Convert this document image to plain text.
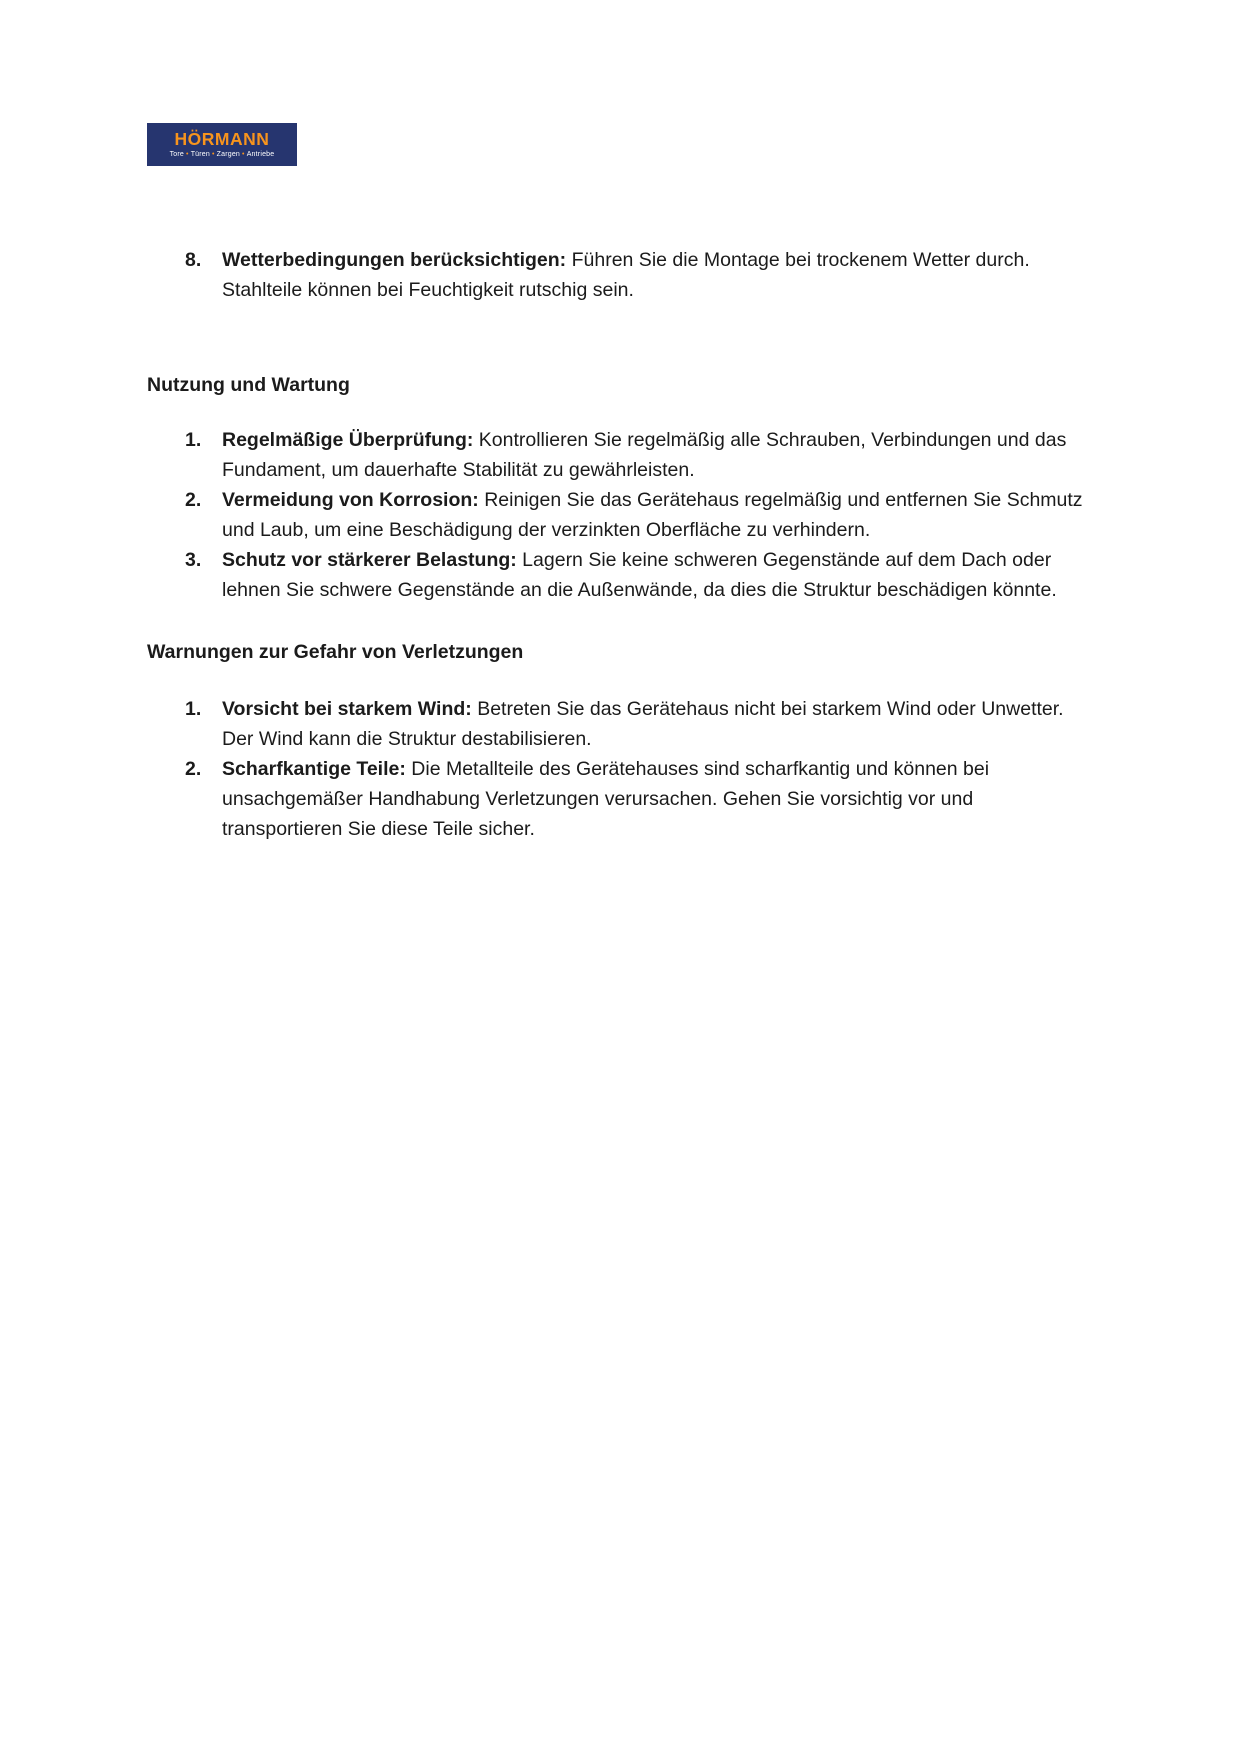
HÖRMANN
Tore • Türen • Zargen • Antriebe
8.	Wetterbedingungen berücksichtigen: Führen Sie die Montage bei trockenem Wetter durch. Stahlteile können bei Feuchtigkeit rutschig sein.

Nutzung und Wartung
1.	Regelmäßige Überprüfung: Kontrollieren Sie regelmäßig alle Schrauben, Verbindungen und das Fundament, um dauerhafte Stabilität zu gewährleisten.

2.	Vermeidung von Korrosion: Reinigen Sie das Gerätehaus regelmäßig und entfernen Sie Schmutz und Laub, um eine Beschädigung der verzinkten Oberfläche zu verhindern.

3.	Schutz vor stärkerer Belastung: Lagern Sie keine schweren Gegenstände auf dem Dach oder lehnen Sie schwere Gegenstände an die Außenwände, da dies die Struktur beschädigen könnte.

Warnungen zur Gefahr von Verletzungen
1.	Vorsicht bei starkem Wind: Betreten Sie das Gerätehaus nicht bei starkem Wind oder Unwetter. Der Wind kann die Struktur destabilisieren.

2.	Scharfkantige Teile: Die Metallteile des Gerätehauses sind scharfkantig und können bei unsachgemäßer Handhabung Verletzungen verursachen. Gehen Sie vorsichtig vor und transportieren Sie diese Teile sicher.
